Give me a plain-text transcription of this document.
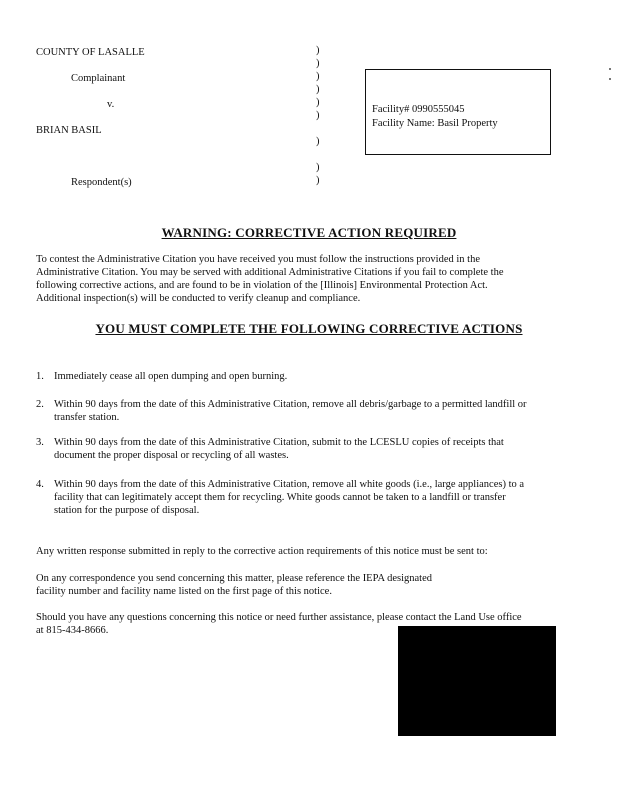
COUNTY OF LASALLE
Complainant
v.
BRIAN BASIL
Respondent(s)
)
)
)
)
)
)
)
)
)
Facility# 0990555045
Facility Name: Basil Property
WARNING: CORRECTIVE ACTION REQUIRED
To contest the Administrative Citation you have received you must follow the instructions provided in the
Administrative Citation. You may be served with additional Administrative Citations if you fail to complete the
following corrective actions, and are found to be in violation of the [Illinois] Environmental Protection Act.
Additional inspection(s) will be conducted to verify cleanup and compliance.
YOU MUST COMPLETE THE FOLLOWING CORRECTIVE ACTIONS
1. Immediately cease all open dumping and open burning.
2. Within 90 days from the date of this Administrative Citation, remove all debris/garbage to a permitted landfill or
transfer station.
3. Within 90 days from the date of this Administrative Citation, submit to the LCESLU copies of receipts that
document the proper disposal or recycling of all wastes.
4. Within 90 days from the date of this Administrative Citation, remove all white goods (i.e., large appliances) to a
facility that can legitimately accept them for recycling. White goods cannot be taken to a landfill or transfer
station for the purpose of disposal.
Any written response submitted in reply to the corrective action requirements of this notice must be sent to:
On any correspondence you send concerning this matter, please reference the IEPA designated
facility number and facility name listed on the first page of this notice.
Should you have any questions concerning this notice or need further assistance, please contact the Land Use office
at 815-434-8666.
